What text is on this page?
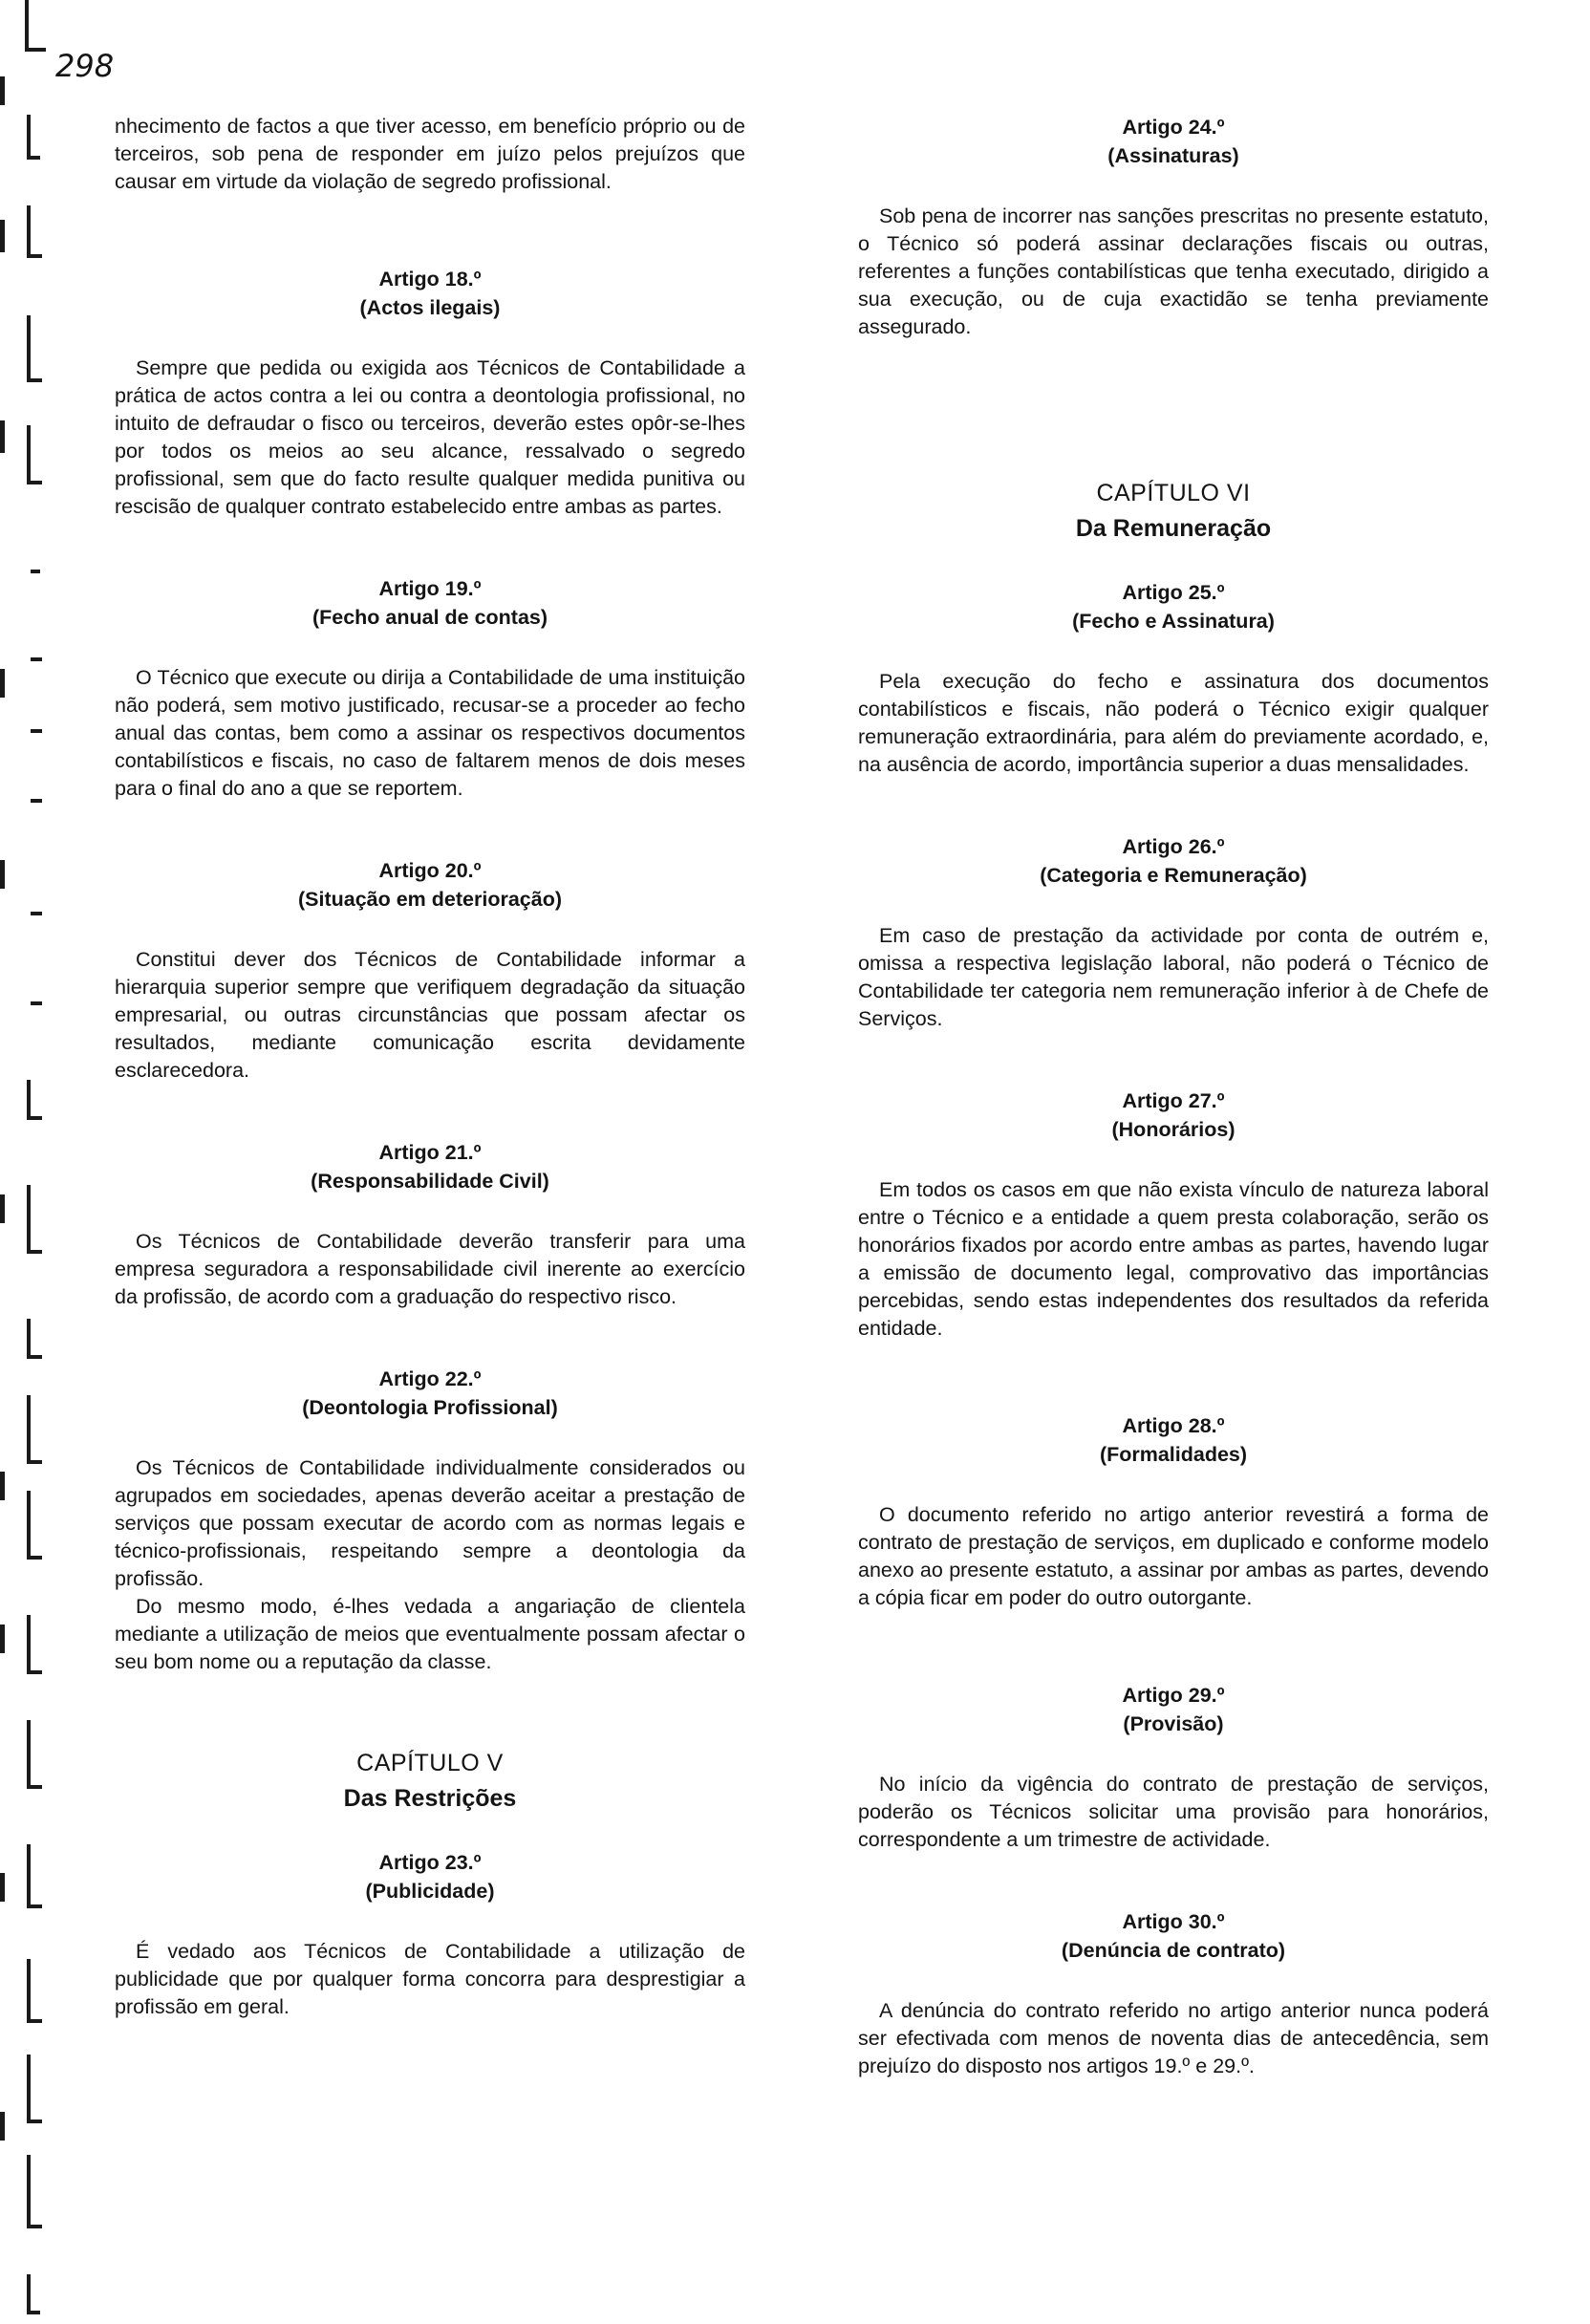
298

nhecimento de factos a que tiver acesso, em benefício próprio ou de terceiros, sob pena de responder em juízo pelos prejuízos que causar em virtude da violação de segredo profissional.

Artigo 18.º
(Actos ilegais)

Sempre que pedida ou exigida aos Técnicos de Contabilidade a prática de actos contra a lei ou contra a deontologia profissional, no intuito de defraudar o fisco ou terceiros, deverão estes opôr-se-lhes por todos os meios ao seu alcance, ressalvado o segredo profissional, sem que do facto resulte qualquer medida punitiva ou rescisão de qualquer contrato estabelecido entre ambas as partes.

Artigo 19.º
(Fecho anual de contas)

O Técnico que execute ou dirija a Contabilidade de uma instituição não poderá, sem motivo justificado, recusar-se a proceder ao fecho anual das contas, bem como a assinar os respectivos documentos contabilísticos e fiscais, no caso de faltarem menos de dois meses para o final do ano a que se reportem.

Artigo 20.º
(Situação em deterioração)

Constitui dever dos Técnicos de Contabilidade informar a hierarquia superior sempre que verifiquem degradação da situação empresarial, ou outras circunstâncias que possam afectar os resultados, mediante comunicação escrita devidamente esclarecedora.

Artigo 21.º
(Responsabilidade Civil)

Os Técnicos de Contabilidade deverão transferir para uma empresa seguradora a responsabilidade civil inerente ao exercício da profissão, de acordo com a graduação do respectivo risco.

Artigo 22.º
(Deontologia Profissional)

Os Técnicos de Contabilidade individualmente considerados ou agrupados em sociedades, apenas deverão aceitar a prestação de serviços que possam executar de acordo com as normas legais e técnico-profissionais, respeitando sempre a deontologia da profissão.

Do mesmo modo, é-lhes vedada a angariação de clientela mediante a utilização de meios que eventualmente possam afectar o seu bom nome ou a reputação da classe.

CAPÍTULO V
Das Restrições
Artigo 23.º
(Publicidade)

É vedado aos Técnicos de Contabilidade a utilização de publicidade que por qualquer forma concorra para desprestigiar a profissão em geral.

Artigo 24.º
(Assinaturas)

Sob pena de incorrer nas sanções prescritas no presente estatuto, o Técnico só poderá assinar declarações fiscais ou outras, referentes a funções contabilísticas que tenha executado, dirigido a sua execução, ou de cuja exactidão se tenha previamente assegurado.

CAPÍTULO VI
Da Remuneração
Artigo 25.º
(Fecho e Assinatura)

Pela execução do fecho e assinatura dos documentos contabilísticos e fiscais, não poderá o Técnico exigir qualquer remuneração extraordinária, para além do previamente acordado, e, na ausência de acordo, importância superior a duas mensalidades.

Artigo 26.º
(Categoria e Remuneração)

Em caso de prestação da actividade por conta de outrém e, omissa a respectiva legislação laboral, não poderá o Técnico de Contabilidade ter categoria nem remuneração inferior à de Chefe de Serviços.

Artigo 27.º
(Honorários)

Em todos os casos em que não exista vínculo de natureza laboral entre o Técnico e a entidade a quem presta colaboração, serão os honorários fixados por acordo entre ambas as partes, havendo lugar a emissão de documento legal, comprovativo das importâncias percebidas, sendo estas independentes dos resultados da referida entidade.

Artigo 28.º
(Formalidades)

O documento referido no artigo anterior revestirá a forma de contrato de prestação de serviços, em duplicado e conforme modelo anexo ao presente estatuto, a assinar por ambas as partes, devendo a cópia ficar em poder do outro outorgante.

Artigo 29.º
(Provisão)

No início da vigência do contrato de prestação de serviços, poderão os Técnicos solicitar uma provisão para honorários, correspondente a um trimestre de actividade.

Artigo 30.º
(Denúncia de contrato)

A denúncia do contrato referido no artigo anterior nunca poderá ser efectivada com menos de noventa dias de antecedência, sem prejuízo do disposto nos artigos 19.º e 29.º.
